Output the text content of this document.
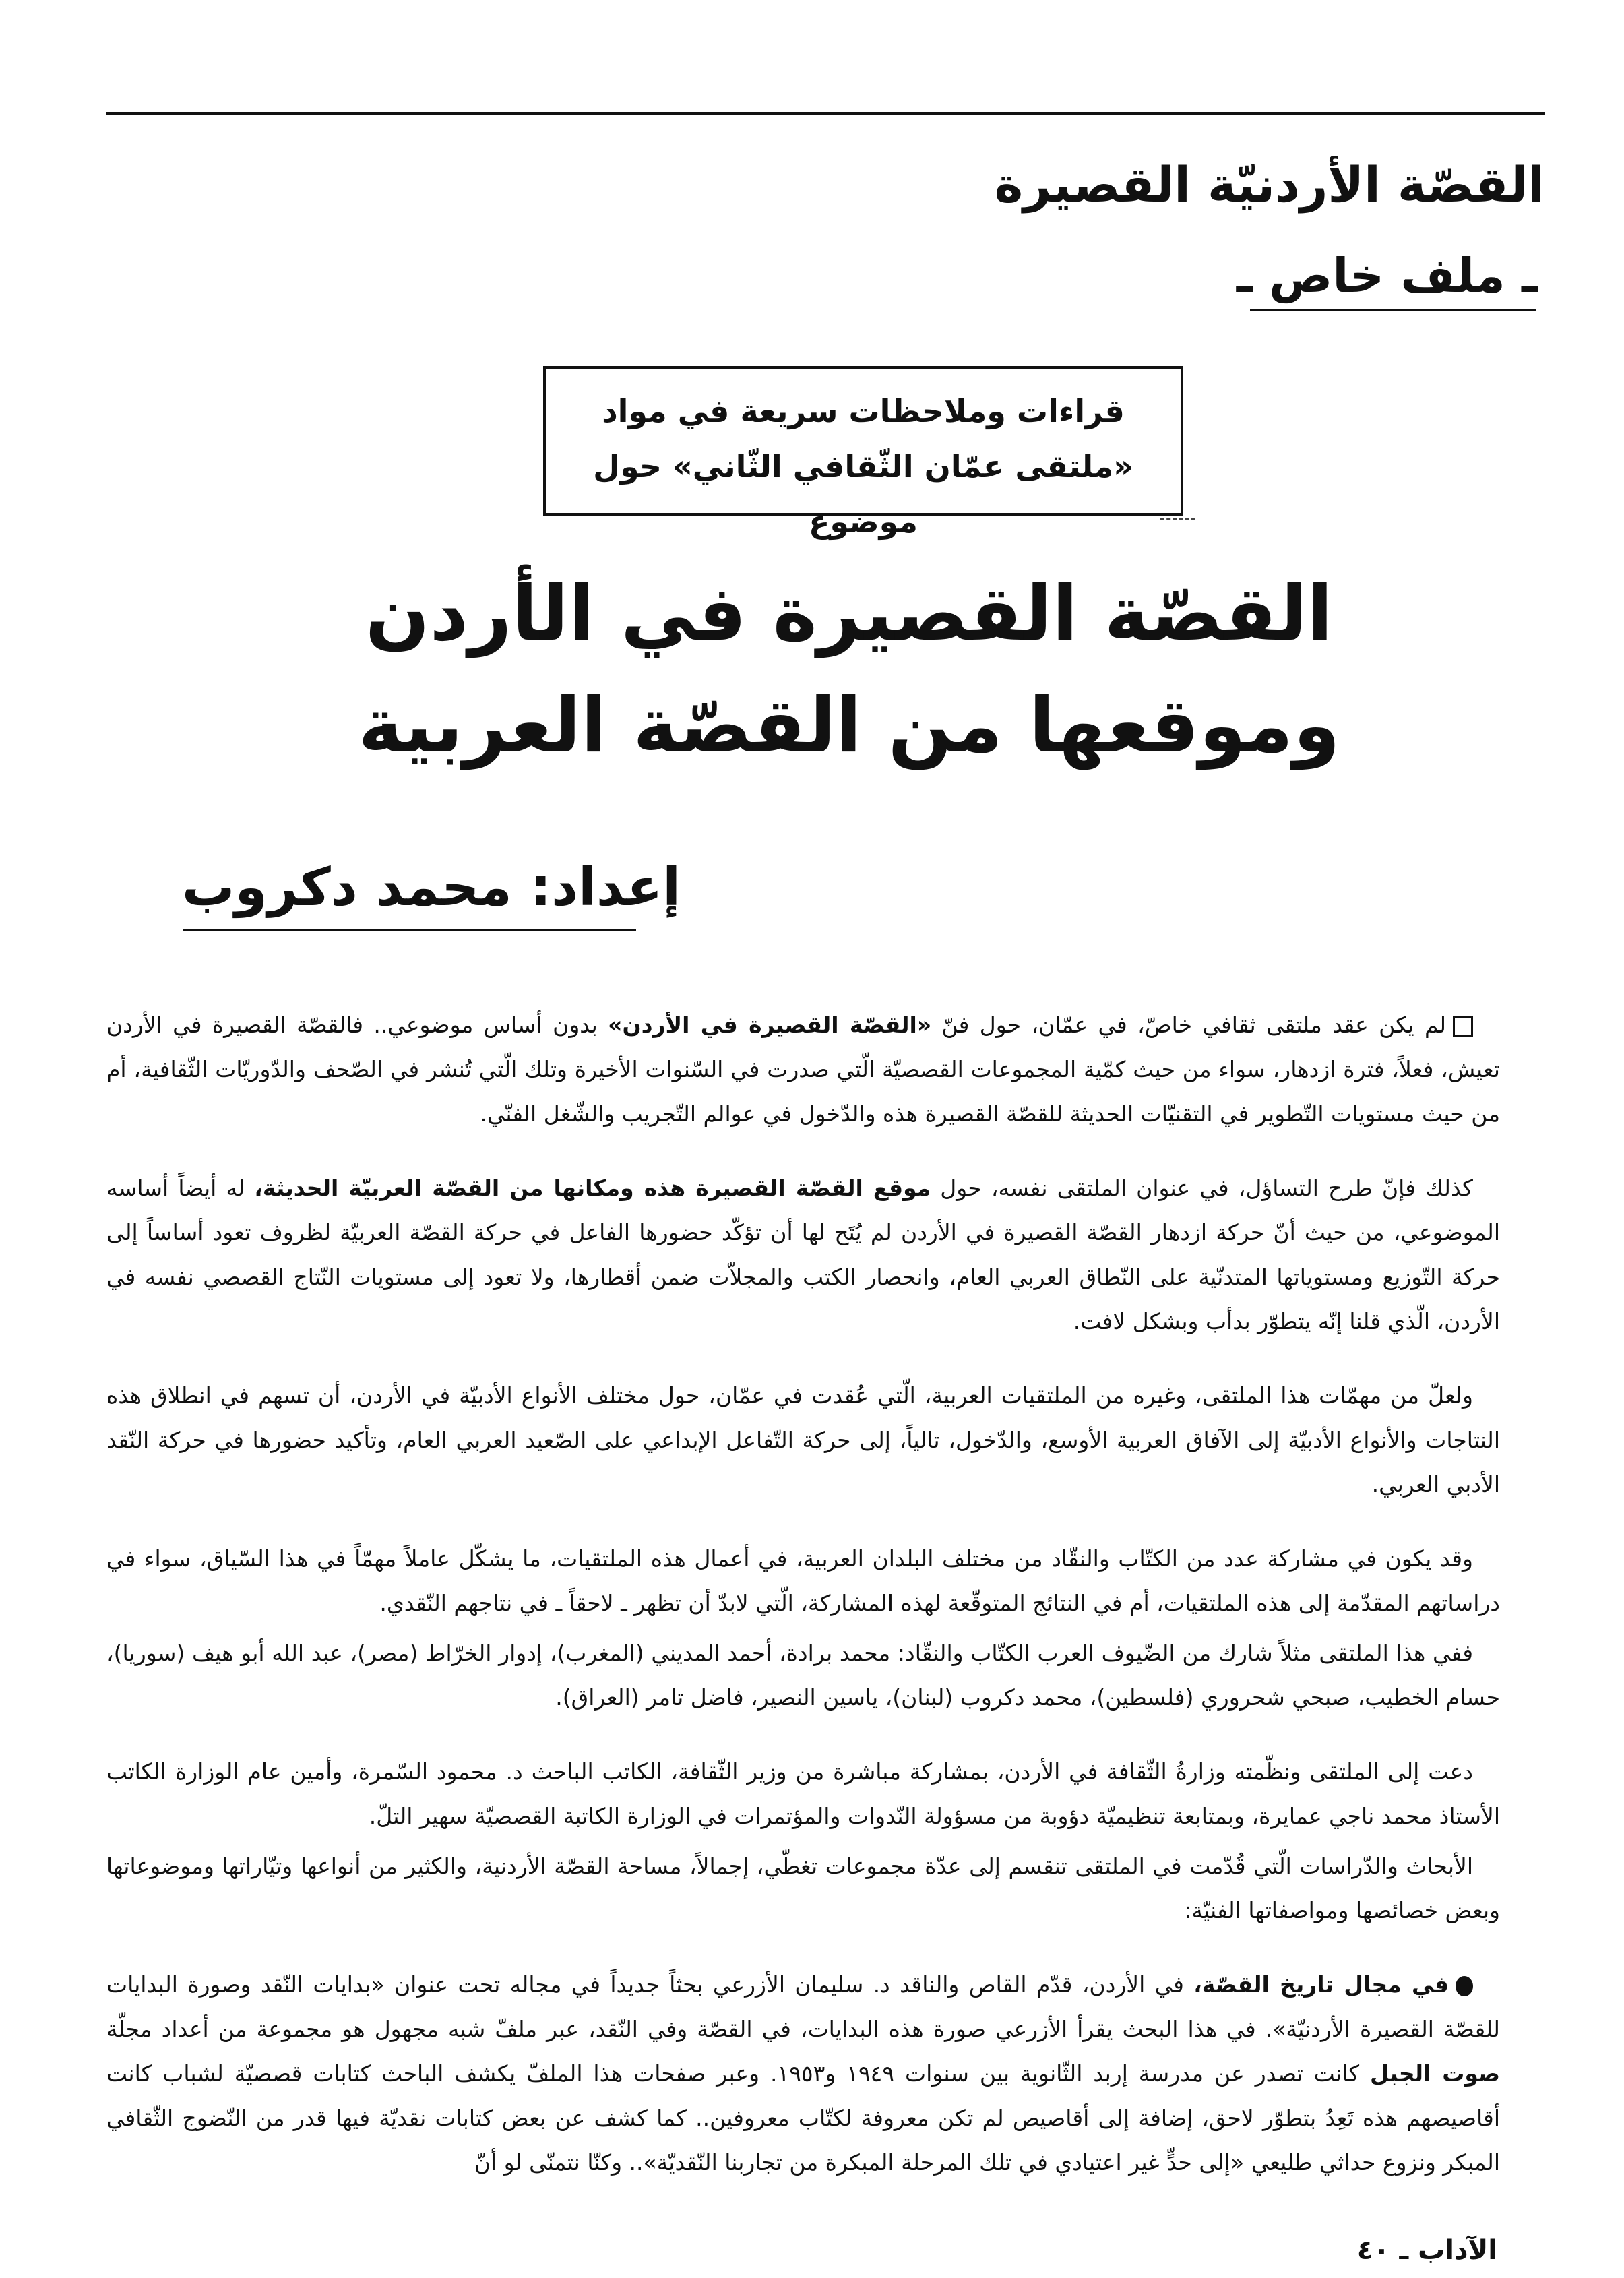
القصّة الأردنيّة القصيرة
ـ ملف خاص ـ
قراءات وملاحظات سريعة في مواد
«ملتقى عمّان الثّقافي الثّاني» حول موضوع
القصّة القصيرة في الأردن
وموقعها من القصّة العربية
إعداد: محمد دكروب

لم يكن عقد ملتقى ثقافي خاصّ، في عمّان، حول فنّ «القصّة القصيرة في الأردن» بدون أساس موضوعي.. فالقصّة القصيرة في الأردن تعيش، فعلاً، فترة ازدهار، سواء من حيث كمّية المجموعات القصصيّة الّتي صدرت في السّنوات الأخيرة وتلك الّتي تُنشر في الصّحف والدّوريّات الثّقافية، أم من حيث مستويات التّطوير في التقنيّات الحديثة للقصّة القصيرة هذه والدّخول في عوالم التّجريب والشّغل الفنّي.

كذلك فإنّ طرح التساؤل، في عنوان الملتقى نفسه، حول موقع القصّة القصيرة هذه ومكانها من القصّة العربيّة الحديثة، له أيضاً أساسه الموضوعي، من حيث أنّ حركة ازدهار القصّة القصيرة في الأردن لم يُتَح لها أن تؤكّد حضورها الفاعل في حركة القصّة العربيّة لظروف تعود أساساً إلى حركة التّوزيع ومستوياتها المتدنّية على النّطاق العربي العام، وانحصار الكتب والمجلاّت ضمن أقطارها، ولا تعود إلى مستويات النّتاج القصصي نفسه في الأردن، الّذي قلنا إنّه يتطوّر بدأب وبشكل لافت.

ولعلّ من مهمّات هذا الملتقى، وغيره من الملتقيات العربية، الّتي عُقدت في عمّان، حول مختلف الأنواع الأدبيّة في الأردن، أن تسهم في انطلاق هذه النتاجات والأنواع الأدبيّة إلى الآفاق العربية الأوسع، والدّخول، تالياً، إلى حركة التّفاعل الإبداعي على الصّعيد العربي العام، وتأكيد حضورها في حركة النّقد الأدبي العربي.

وقد يكون في مشاركة عدد من الكتّاب والنقّاد من مختلف البلدان العربية، في أعمال هذه الملتقيات، ما يشكّل عاملاً مهمّاً في هذا السّياق، سواء في دراساتهم المقدّمة إلى هذه الملتقيات، أم في النتائج المتوقّعة لهذه المشاركة، الّتي لابدّ أن تظهر ـ لاحقاً ـ في نتاجهم النّقدي.

ففي هذا الملتقى مثلاً شارك من الضّيوف العرب الكتّاب والنقّاد: محمد برادة، أحمد المديني (المغرب)، إدوار الخرّاط (مصر)، عبد الله أبو هيف (سوريا)، حسام الخطيب، صبحي شحروري (فلسطين)، محمد دكروب (لبنان)، ياسين النصير، فاضل تامر (العراق).

دعت إلى الملتقى ونظّمته وزارةُ الثّقافة في الأردن، بمشاركة مباشرة من وزير الثّقافة، الكاتب الباحث د. محمود السّمرة، وأمين عام الوزارة الكاتب الأستاذ محمد ناجي عمايرة، وبمتابعة تنظيميّة دؤوبة من مسؤولة النّدوات والمؤتمرات في الوزارة الكاتبة القصصيّة سهير التلّ.

الأبحاث والدّراسات الّتي قُدّمت في الملتقى تنقسم إلى عدّة مجموعات تغطّي، إجمالاً، مساحة القصّة الأردنية، والكثير من أنواعها وتيّاراتها وموضوعاتها وبعض خصائصها ومواصفاتها الفنيّة:

في مجال تاريخ القصّة، في الأردن، قدّم القاص والناقد د. سليمان الأزرعي بحثاً جديداً في مجاله تحت عنوان «بدايات النّقد وصورة البدايات للقصّة القصيرة الأردنيّة». في هذا البحث يقرأ الأزرعي صورة هذه البدايات، في القصّة وفي النّقد، عبر ملفّ شبه مجهول هو مجموعة من أعداد مجلّة صوت الجبل كانت تصدر عن مدرسة إربد الثّانوية بين سنوات ١٩٤٩ و١٩٥٣. وعبر صفحات هذا الملفّ يكشف الباحث كتابات قصصيّة لشباب كانت أقاصيصهم هذه تَعِدُ بتطوّر لاحق، إضافة إلى أقاصيص لم تكن معروفة لكتّاب معروفين.. كما كشف عن بعض كتابات نقديّة فيها قدر من النّضوج الثّقافي المبكر ونزوع حداثي طليعي «إلى حدٍّ غير اعتيادي في تلك المرحلة المبكرة من تجاربنا النّقديّة».. وكنّا نتمنّى لو أنّ

الآداب ـ ٤٠
